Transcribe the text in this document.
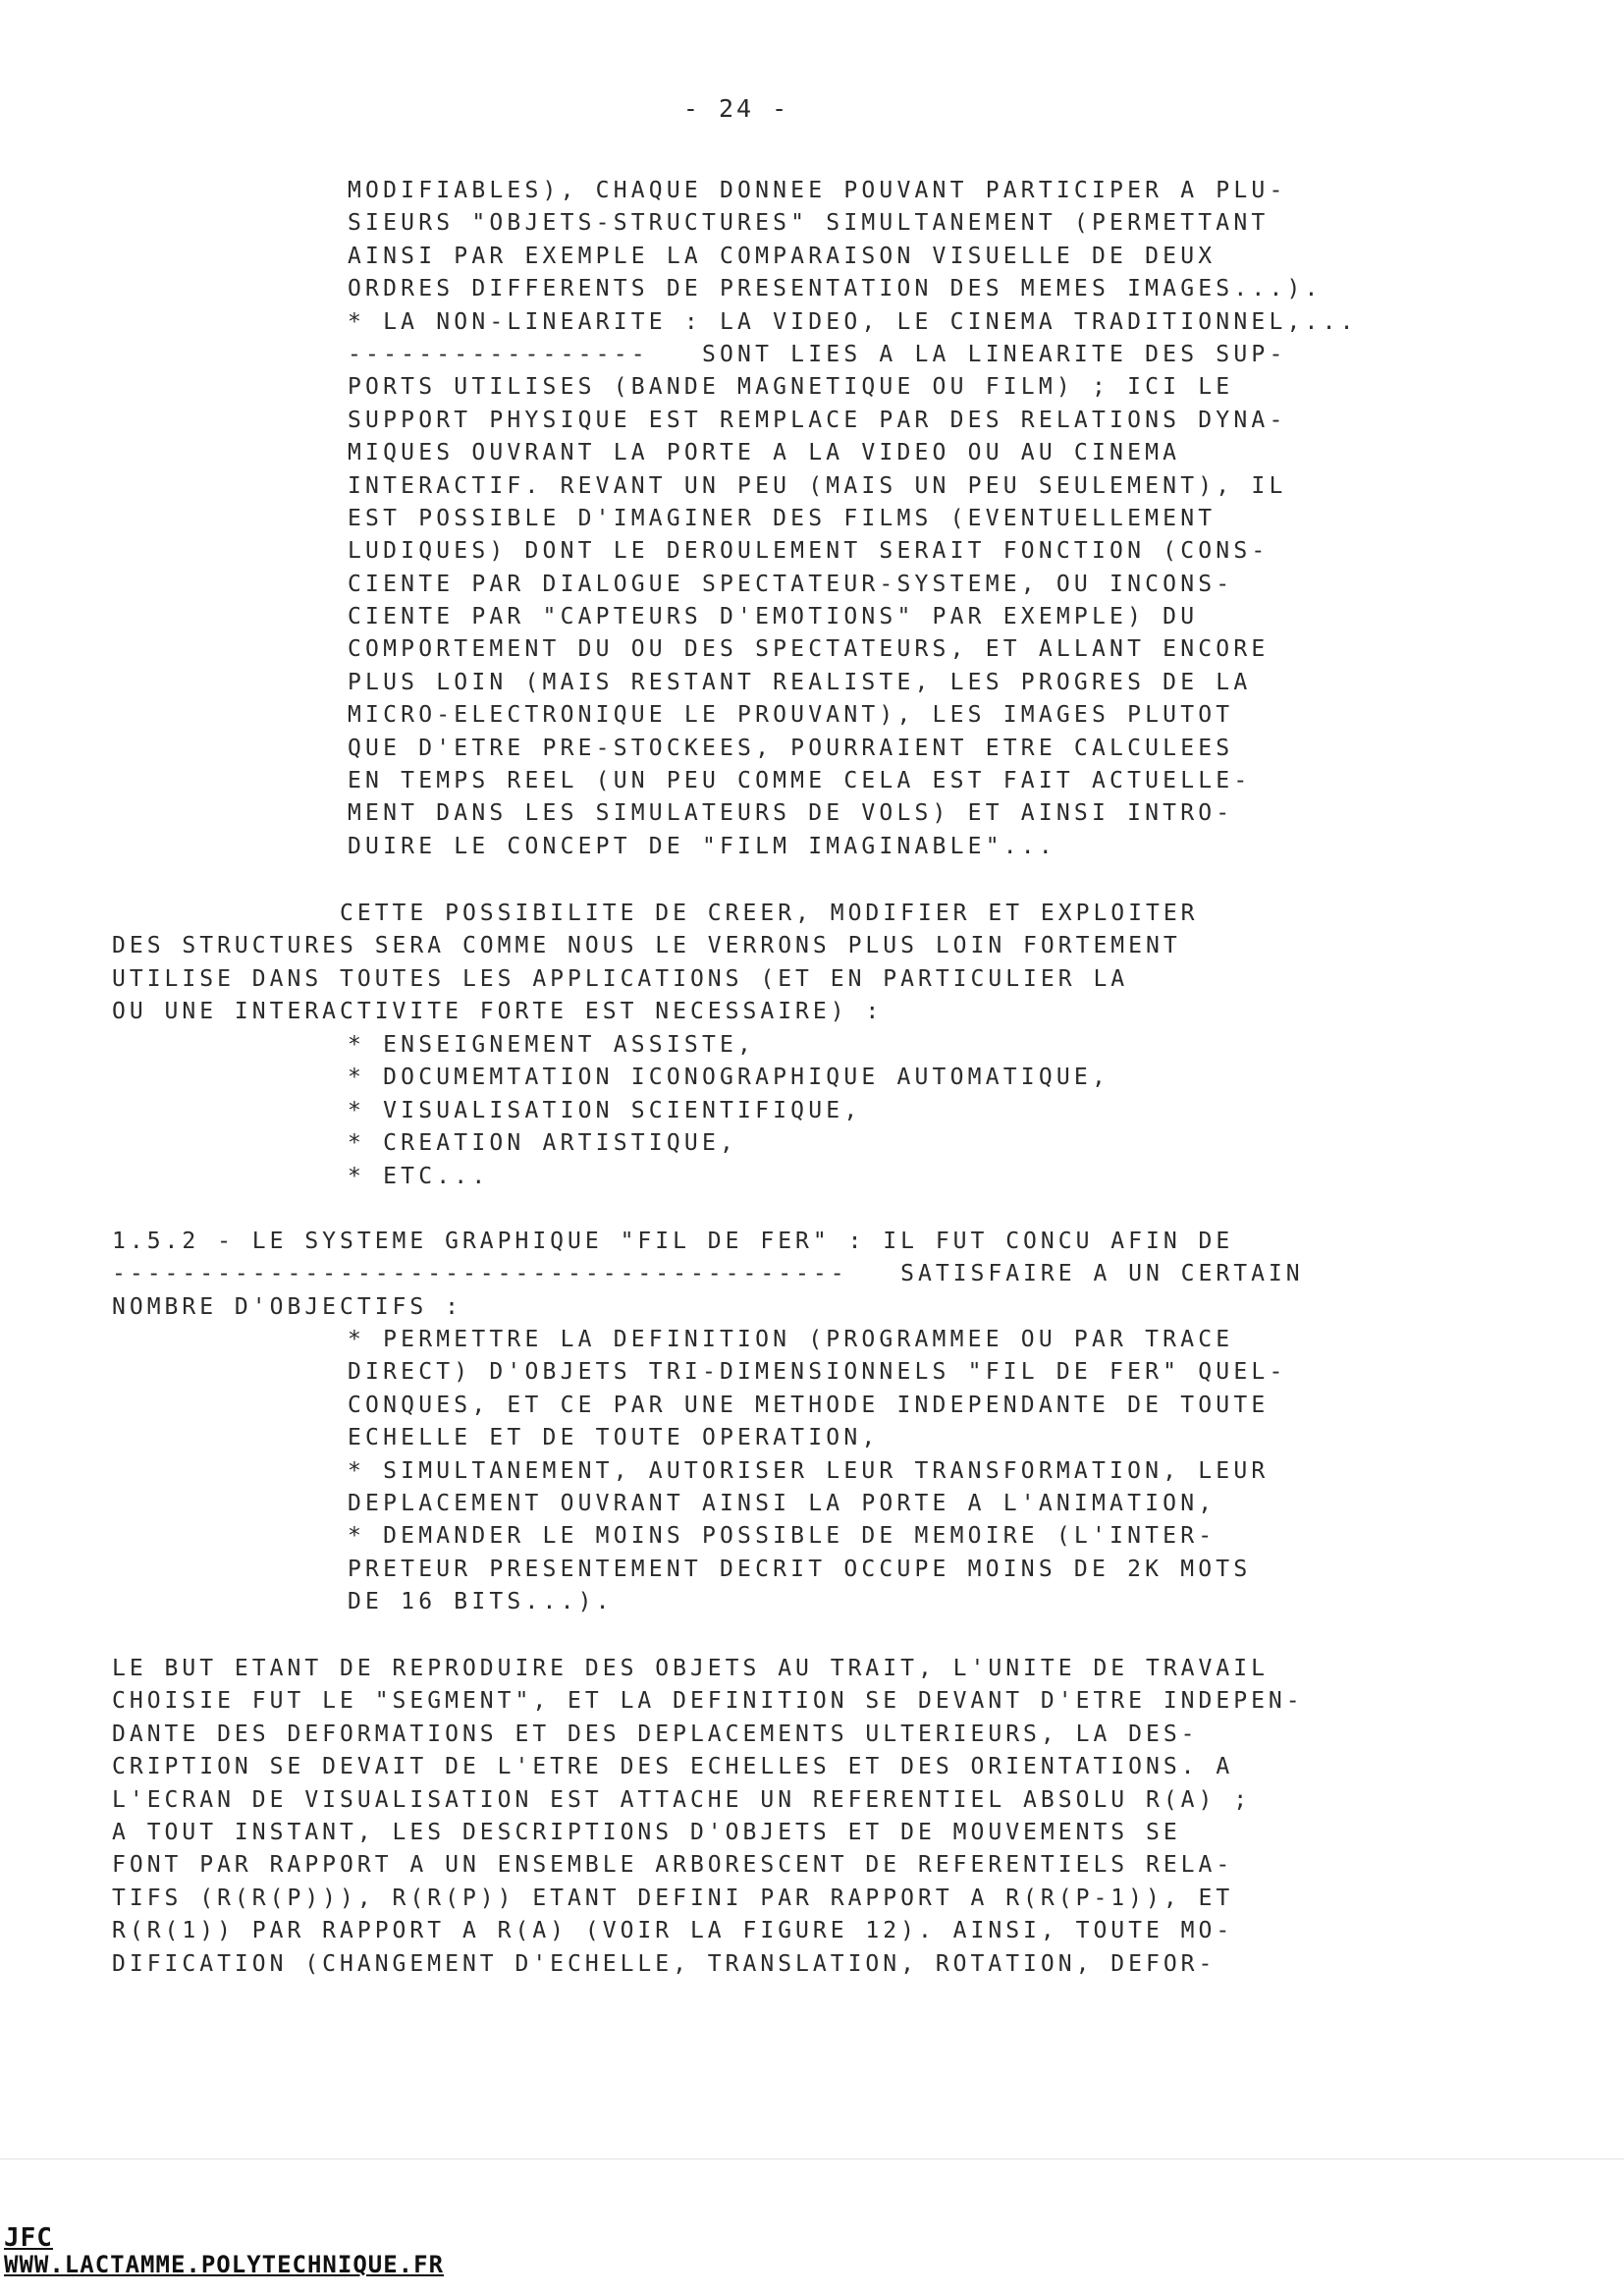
- 24 -
MODIFIABLES), CHAQUE DONNEE POUVANT PARTICIPER A PLU-
SIEURS "OBJETS-STRUCTURES" SIMULTANEMENT (PERMETTANT
AINSI PAR EXEMPLE LA COMPARAISON VISUELLE DE DEUX
ORDRES DIFFERENTS DE PRESENTATION DES MEMES IMAGES...).
* LA NON-LINEARITE : LA VIDEO, LE CINEMA TRADITIONNEL,...
-----------------   SONT LIES A LA LINEARITE DES SUP-
PORTS UTILISES (BANDE MAGNETIQUE OU FILM) ; ICI LE
SUPPORT PHYSIQUE EST REMPLACE PAR DES RELATIONS DYNA-
MIQUES OUVRANT LA PORTE A LA VIDEO OU AU CINEMA
INTERACTIF. REVANT UN PEU (MAIS UN PEU SEULEMENT), IL
EST POSSIBLE D'IMAGINER DES FILMS (EVENTUELLEMENT
LUDIQUES) DONT LE DEROULEMENT SERAIT FONCTION (CONS-
CIENTE PAR DIALOGUE SPECTATEUR-SYSTEME, OU INCONS-
CIENTE PAR "CAPTEURS D'EMOTIONS" PAR EXEMPLE) DU
COMPORTEMENT DU OU DES SPECTATEURS, ET ALLANT ENCORE
PLUS LOIN (MAIS RESTANT REALISTE, LES PROGRES DE LA
MICRO-ELECTRONIQUE LE PROUVANT), LES IMAGES PLUTOT
QUE D'ETRE PRE-STOCKEES, POURRAIENT ETRE CALCULEES
EN TEMPS REEL (UN PEU COMME CELA EST FAIT ACTUELLE-
MENT DANS LES SIMULATEURS DE VOLS) ET AINSI INTRO-
DUIRE LE CONCEPT DE "FILM IMAGINABLE"...
CETTE POSSIBILITE DE CREER, MODIFIER ET EXPLOITER
DES STRUCTURES SERA COMME NOUS LE VERRONS PLUS LOIN FORTEMENT
UTILISE DANS TOUTES LES APPLICATIONS (ET EN PARTICULIER LA
OU UNE INTERACTIVITE FORTE EST NECESSAIRE) :
* ENSEIGNEMENT ASSISTE,
* DOCUMEMTATION ICONOGRAPHIQUE AUTOMATIQUE,
* VISUALISATION SCIENTIFIQUE,
* CREATION ARTISTIQUE,
* ETC...
1.5.2 - LE SYSTEME GRAPHIQUE "FIL DE FER" : IL FUT CONCU AFIN DE
------------------------------------------   SATISFAIRE A UN CERTAIN
NOMBRE D'OBJECTIFS :
* PERMETTRE LA DEFINITION (PROGRAMMEE OU PAR TRACE
DIRECT) D'OBJETS TRI-DIMENSIONNELS "FIL DE FER" QUEL-
CONQUES, ET CE PAR UNE METHODE INDEPENDANTE DE TOUTE
ECHELLE ET DE TOUTE OPERATION,
* SIMULTANEMENT, AUTORISER LEUR TRANSFORMATION, LEUR
DEPLACEMENT OUVRANT AINSI LA PORTE A L'ANIMATION,
* DEMANDER LE MOINS POSSIBLE DE MEMOIRE (L'INTER-
PRETEUR PRESENTEMENT DECRIT OCCUPE MOINS DE 2K MOTS
DE 16 BITS...).
LE BUT ETANT DE REPRODUIRE DES OBJETS AU TRAIT, L'UNITE DE TRAVAIL
CHOISIE FUT LE "SEGMENT", ET LA DEFINITION SE DEVANT D'ETRE INDEPEN-
DANTE DES DEFORMATIONS ET DES DEPLACEMENTS ULTERIEURS, LA DES-
CRIPTION SE DEVAIT DE L'ETRE DES ECHELLES ET DES ORIENTATIONS. A
L'ECRAN DE VISUALISATION EST ATTACHE UN REFERENTIEL ABSOLU R(A) ;
A TOUT INSTANT, LES DESCRIPTIONS D'OBJETS ET DE MOUVEMENTS SE
FONT PAR RAPPORT A UN ENSEMBLE ARBORESCENT DE REFERENTIELS RELA-
TIFS (R(R(P))), R(R(P)) ETANT DEFINI PAR RAPPORT A R(R(P-1)), ET
R(R(1)) PAR RAPPORT A R(A) (VOIR LA FIGURE 12). AINSI, TOUTE MO-
DIFICATION (CHANGEMENT D'ECHELLE, TRANSLATION, ROTATION, DEFOR-
JFC
WWW.LACTAMME.POLYTECHNIQUE.FR
